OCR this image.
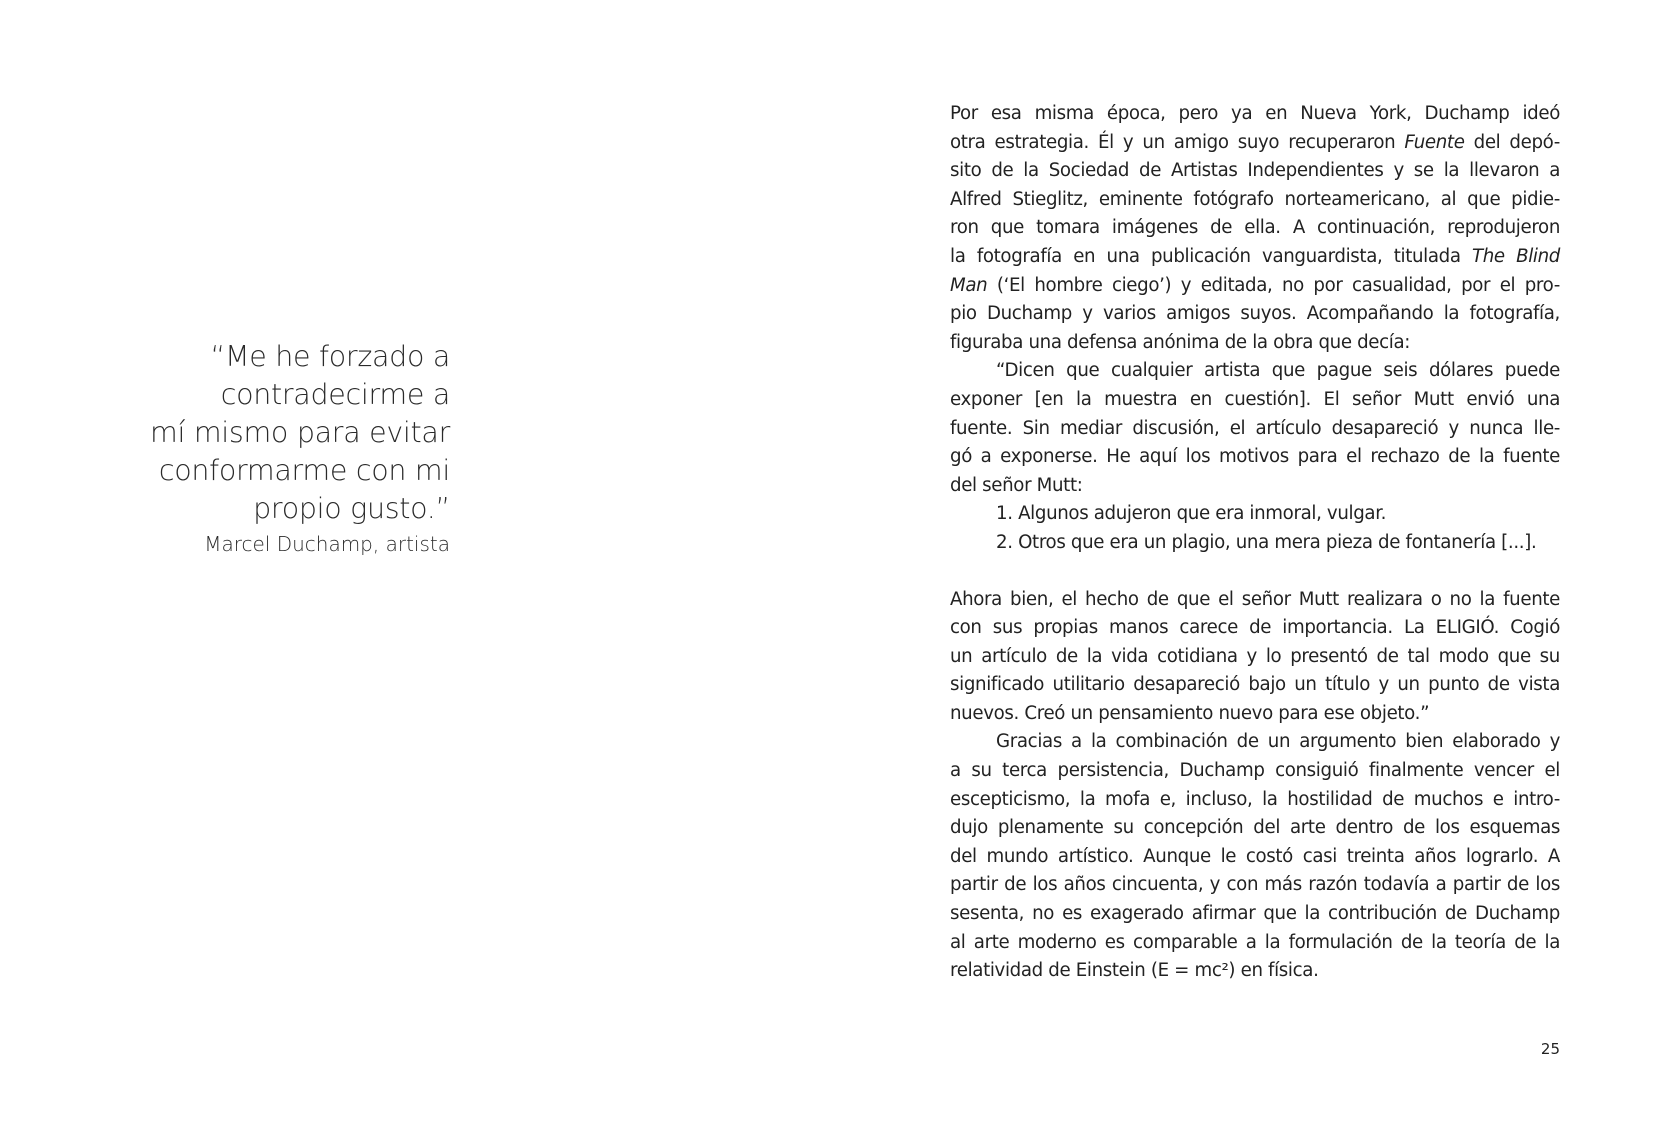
“Me he forzado a
contradecirme a
mí mismo para evitar
conformarme con mi
propio gusto.”
Marcel Duchamp, artista
Por esa misma época, pero ya en Nueva York, Duchamp ideó
otra estrategia. Él y un amigo suyo recuperaron Fuente del depó-
sito de la Sociedad de Artistas Independientes y se la llevaron a
Alfred Stieglitz, eminente fotógrafo norteamericano, al que pidie-
ron que tomara imágenes de ella. A continuación, reprodujeron
la fotografía en una publicación vanguardista, titulada The Blind
Man (‘El hombre ciego’) y editada, no por casualidad, por el pro-
pio Duchamp y varios amigos suyos. Acompañando la fotografía,
figuraba una defensa anónima de la obra que decía:
“Dicen que cualquier artista que pague seis dólares puede
exponer [en la muestra en cuestión]. El señor Mutt envió una
fuente. Sin mediar discusión, el artículo desapareció y nunca lle-
gó a exponerse. He aquí los motivos para el rechazo de la fuente
del señor Mutt:
1. Algunos adujeron que era inmoral, vulgar.
2. Otros que era un plagio, una mera pieza de fontanería [...].
Ahora bien, el hecho de que el señor Mutt realizara o no la fuente
con sus propias manos carece de importancia. La ELIGIÓ. Cogió
un artículo de la vida cotidiana y lo presentó de tal modo que su
significado utilitario desapareció bajo un título y un punto de vista
nuevos. Creó un pensamiento nuevo para ese objeto.”
Gracias a la combinación de un argumento bien elaborado y
a su terca persistencia, Duchamp consiguió finalmente vencer el
escepticismo, la mofa e, incluso, la hostilidad de muchos e intro-
dujo plenamente su concepción del arte dentro de los esquemas
del mundo artístico. Aunque le costó casi treinta años lograrlo. A
partir de los años cincuenta, y con más razón todavía a partir de los
sesenta, no es exagerado afirmar que la contribución de Duchamp
al arte moderno es comparable a la formulación de la teoría de la
relatividad de Einstein (E = mc²) en física.
25
